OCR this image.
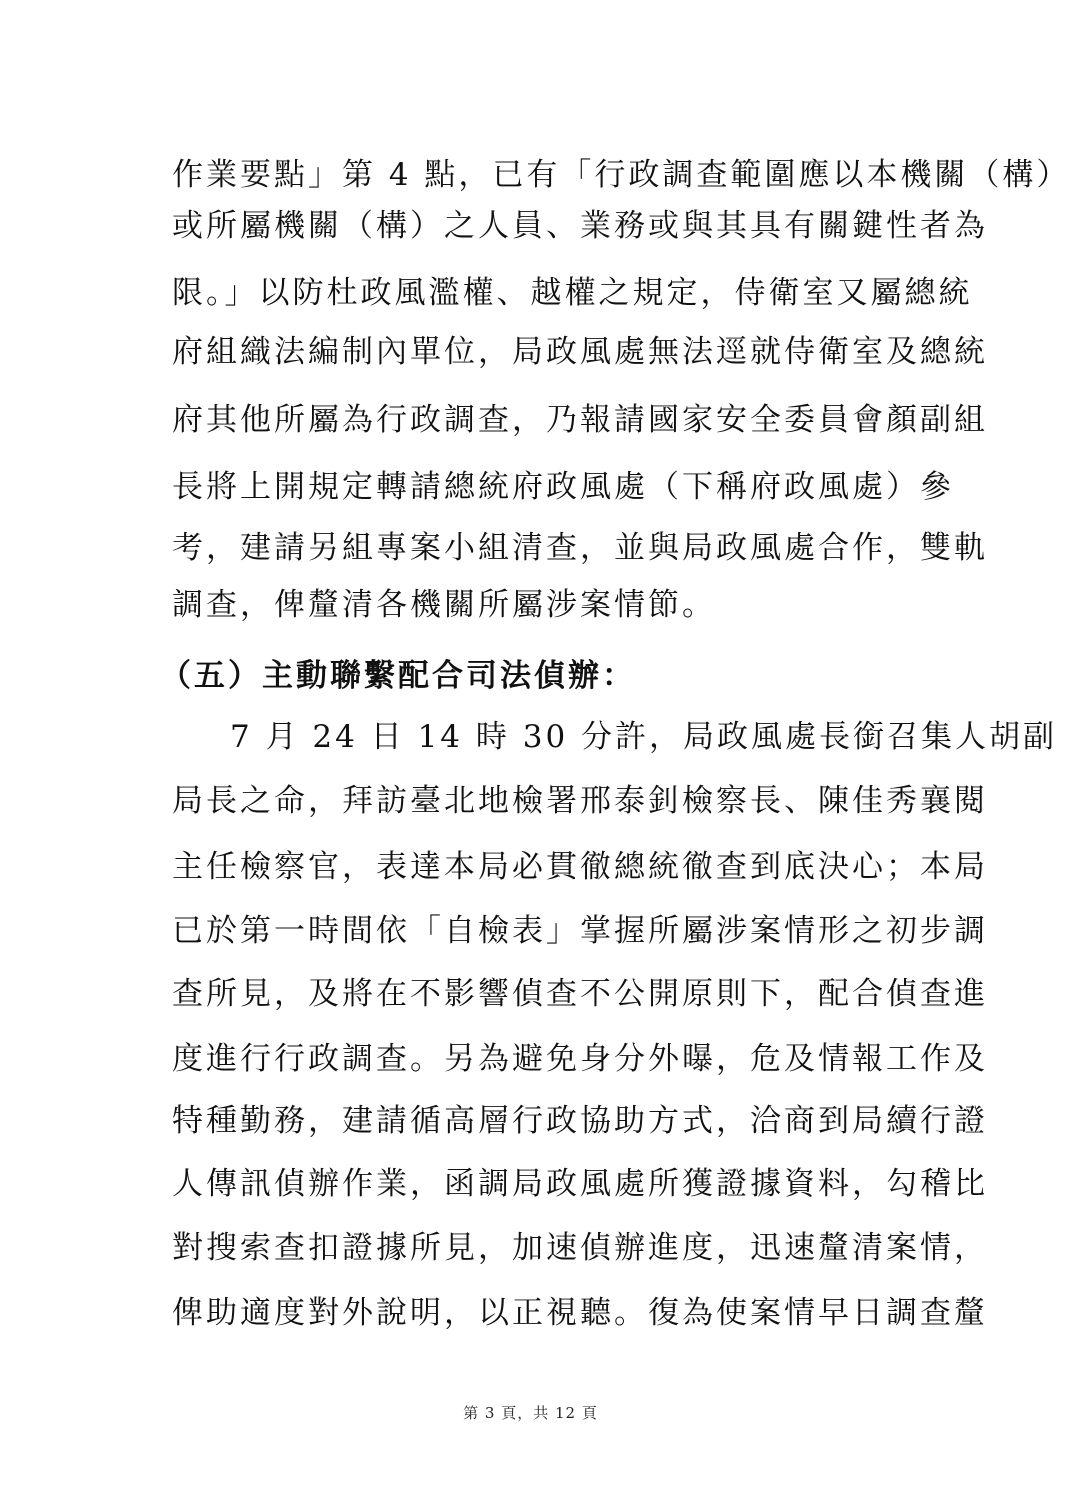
作業要點」第 4 點，已有「行政調查範圍應以本機關（構）
或所屬機關（構）之人員、業務或與其具有關鍵性者為
限。」以防杜政風濫權、越權之規定，侍衛室又屬總統
府組織法編制內單位，局政風處無法逕就侍衛室及總統
府其他所屬為行政調查，乃報請國家安全委員會顏副組
長將上開規定轉請總統府政風處（下稱府政風處）參
考，建請另組專案小組清查，並與局政風處合作，雙軌
調查，俾釐清各機關所屬涉案情節。
（五）主動聯繫配合司法偵辦：
7 月 24 日 14 時 30 分許，局政風處長銜召集人胡副
局長之命，拜訪臺北地檢署邢泰釗檢察長、陳佳秀襄閱
主任檢察官，表達本局必貫徹總統徹查到底決心；本局
已於第一時間依「自檢表」掌握所屬涉案情形之初步調
查所見，及將在不影響偵查不公開原則下，配合偵查進
度進行行政調查。另為避免身分外曝，危及情報工作及
特種勤務，建請循高層行政協助方式，洽商到局續行證
人傳訊偵辦作業，函調局政風處所獲證據資料，勾稽比
對搜索查扣證據所見，加速偵辦進度，迅速釐清案情，
俾助適度對外說明，以正視聽。復為使案情早日調查釐
第 3 頁，共 12 頁
